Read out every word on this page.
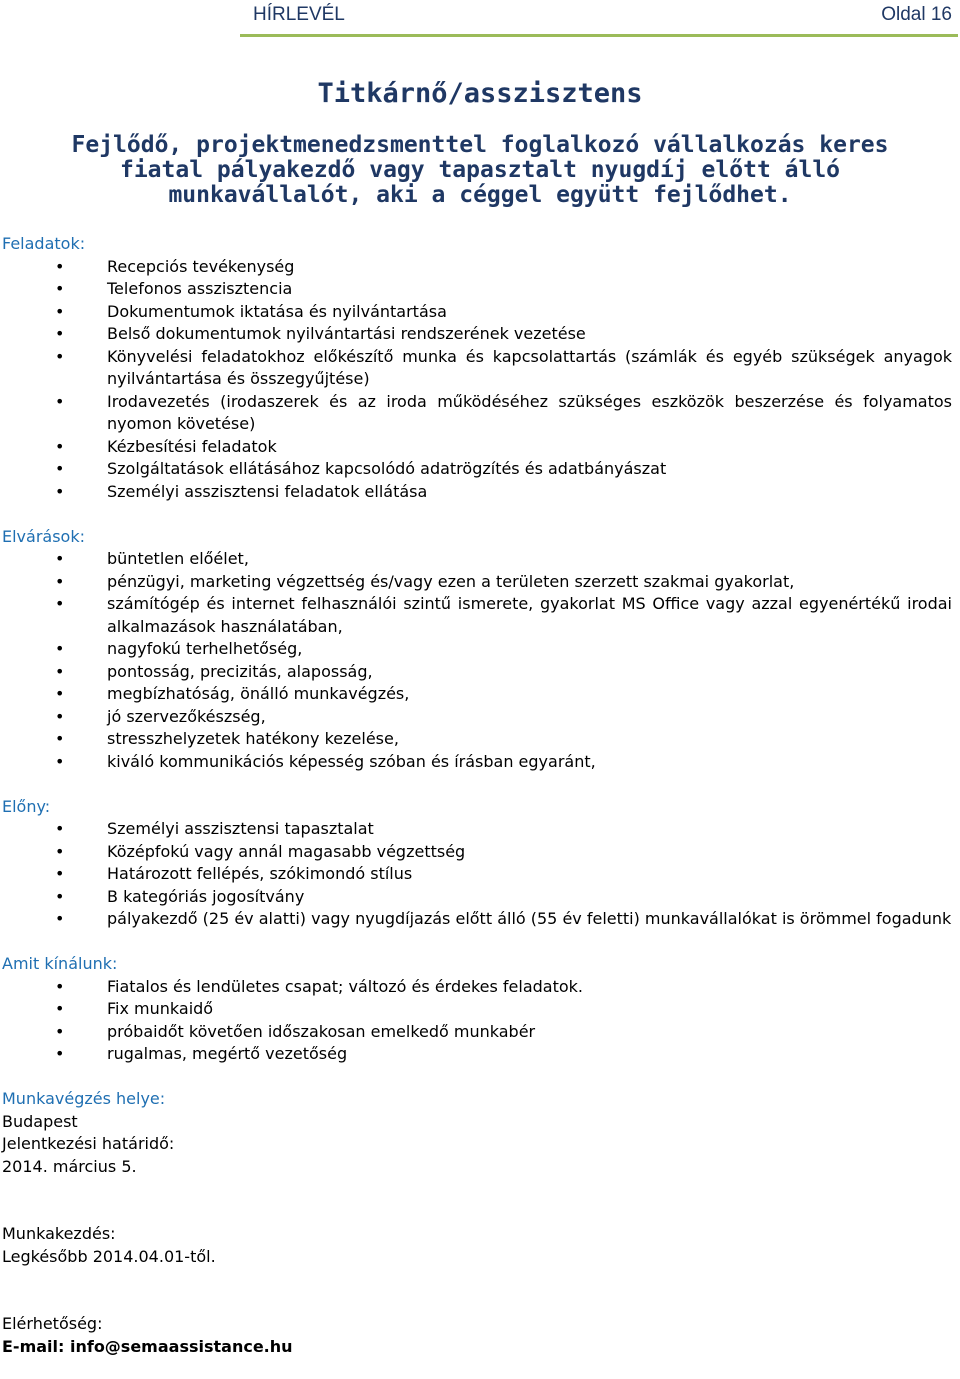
HÍRLEVÉL	Oldal 16
Titkárnő/asszisztens
Fejlődő, projektmenedzsmenttel foglalkozó vállalkozás keres
fiatal pályakezdő vagy tapasztalt nyugdíj előtt álló
munkavállalót, aki a céggel együtt fejlődhet.
Feladatok:
• Recepciós tevékenység
• Telefonos asszisztencia
• Dokumentumok iktatása és nyilvántartása
• Belső dokumentumok nyilvántartási rendszerének vezetése
• Könyvelési feladatokhoz előkészítő munka és kapcsolattartás (számlák és egyéb szükségek anyagok nyilvántartása és összegyűjtése)
• Irodavezetés (irodaszerek és az iroda működéséhez szükséges eszközök beszerzése és folyamatos nyomon követése)
• Kézbesítési feladatok
• Szolgáltatások ellátásához kapcsolódó adatrögzítés és adatbányászat
• Személyi asszisztensi feladatok ellátása
Elvárások:
• büntetlen előélet,
• pénzügyi, marketing végzettség és/vagy ezen a területen szerzett szakmai gyakorlat,
• számítógép és internet felhasználói szintű ismerete, gyakorlat MS Office vagy azzal egyenértékű irodai alkalmazások használatában,
• nagyfokú terhelhetőség,
• pontosság, precizitás, alaposság,
• megbízhatóság, önálló munkavégzés,
• jó szervezőkészség,
• stresszhelyzetek hatékony kezelése,
• kiváló kommunikációs képesség szóban és írásban egyaránt,
Előny:
• Személyi asszisztensi tapasztalat
• Középfokú vagy annál magasabb végzettség
• Határozott fellépés, szókimondó stílus
• B kategóriás jogosítvány
• pályakezdő (25 év alatti) vagy nyugdíjazás előtt álló (55 év feletti) munkavállalókat is örömmel fogadunk
Amit kínálunk:
• Fiatalos és lendületes csapat; változó és érdekes feladatok.
• Fix munkaidő
• próbaidőt követően időszakosan emelkedő munkabér
• rugalmas, megértő vezetőség
Munkavégzés helye:
Budapest
Jelentkezési határidő:
2014. március 5.
Munkakezdés:
Legkésőbb 2014.04.01-től.
Elérhetőség:
E-mail: info@semaassistance.hu
